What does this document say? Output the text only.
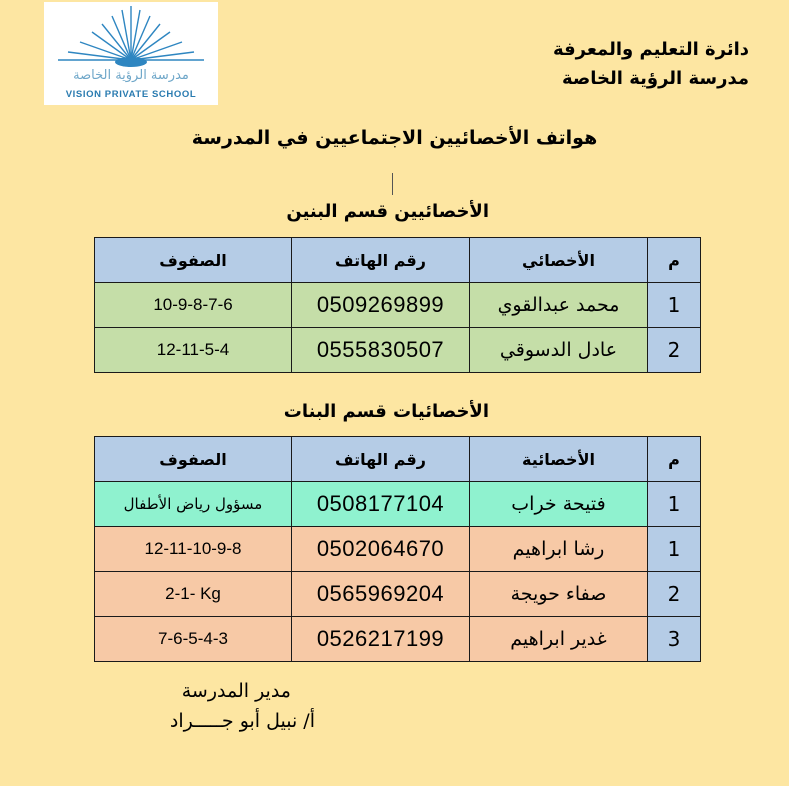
مدرسة الرؤية الخاصة
VISION PRIVATE SCHOOL
دائرة التعليم والمعرفة
مدرسة الرؤية الخاصة
هواتف الأخصائيين الاجتماعيين في المدرسة
الأخصائيين قسم البنين
م	الأخصائي	رقم الهاتف	الصفوف
1	محمد عبدالقوي	0509269899	10-9-8-7-6
2	عادل الدسوقي	0555830507	12-11-5-4
الأخصائيات قسم البنات
م	الأخصائية	رقم الهاتف	الصفوف
1	فتيحة خراب	0508177104	مسؤول رياض الأطفال
1	رشا ابراهيم	0502064670	12-11-10-9-8
2	صفاء حويجة	0565969204	2-1- Kg
3	غدير ابراهيم	0526217199	7-6-5-4-3
مدير المدرسة
أ/ نبيل أبو جـــــراد
